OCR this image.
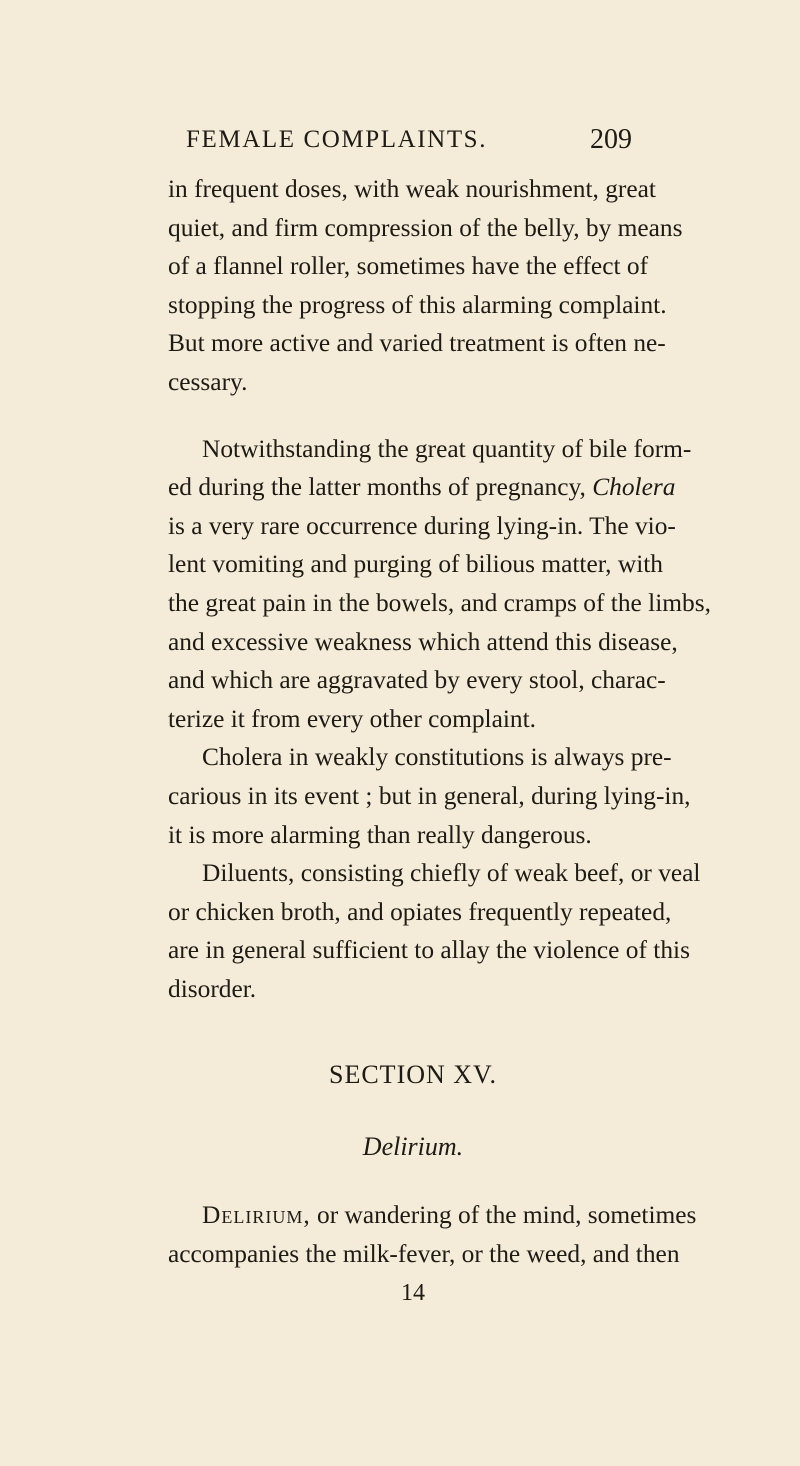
FEMALE COMPLAINTS.	209
in frequent doses, with weak nourishment, great
quiet, and firm compression of the belly, by means
of a flannel roller, sometimes have the effect of
stopping the progress of this alarming complaint.
But more active and varied treatment is often ne-
cessary.
Notwithstanding the great quantity of bile form-
ed during the latter months of pregnancy, Cholera
is a very rare occurrence during lying-in. The vio-
lent vomiting and purging of bilious matter, with
the great pain in the bowels, and cramps of the limbs,
and excessive weakness which attend this disease,
and which are aggravated by every stool, charac-
terize it from every other complaint.
Cholera in weakly constitutions is always pre-
carious in its event ; but in general, during lying-in,
it is more alarming than really dangerous.
Diluents, consisting chiefly of weak beef, or veal
or chicken broth, and opiates frequently repeated,
are in general sufficient to allay the violence of this
disorder.
SECTION XV.
Delirium.
Delirium, or wandering of the mind, sometimes
accompanies the milk-fever, or the weed, and then
14
